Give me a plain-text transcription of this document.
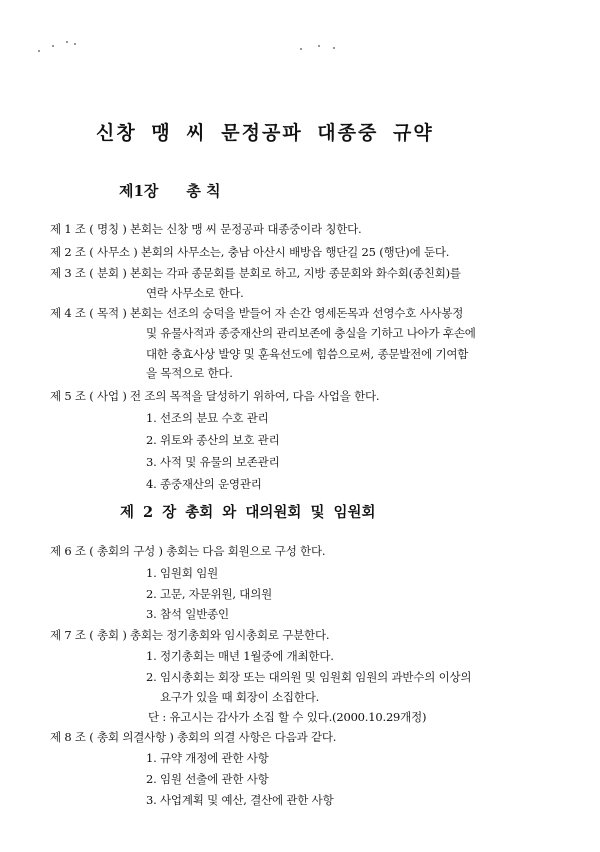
신창 맹 씨 문정공파 대종중 규약
제1장 총 칙
제 1 조 ( 명칭 ) 본회는 신창 맹 씨 문정공파 대종중이라 칭한다.
제 2 조 ( 사무소 ) 본회의 사무소는, 충남 아산시 배방읍 행단길 25 (행단)에 둔다.
제 3 조 ( 분회 ) 본회는 각파 종문회를 분회로 하고, 지방 종문회와 화수회(종친회)를
연락 사무소로 한다.
제 4 조 ( 목적 ) 본회는 선조의 숭덕을 받들어 자 손간 영세돈목과 선영수호 사사봉정
및 유물사적과 종중재산의 관리보존에 충실을 기하고 나아가 후손에
대한 충효사상 발양 및 훈육선도에 힘씀으로써, 종문발전에 기여함
을 목적으로 한다.
제 5 조 ( 사업 ) 전 조의 목적을 달성하기 위하여, 다음 사업을 한다.
1. 선조의 분묘 수호 관리
2. 위토와 종산의 보호 관리
3. 사적 및 유물의 보존관리
4. 종중재산의 운영관리
제 2 장 총회 와 대의원회 및 임원회
제 6 조 ( 총회의 구성 ) 총회는 다음 회원으로 구성 한다.
1. 임원회 임원
2. 고문, 자문위원, 대의원
3. 참석 일반종인
제 7 조 ( 총회 ) 총회는 정기총회와 임시총회로 구분한다.
1. 정기총회는 매년 1월중에 개최한다.
2. 임시총회는 회장 또는 대의원 및 임원회 임원의 과반수의 이상의
요구가 있을 때 회장이 소집한다.
단 : 유고시는 감사가 소집 할 수 있다.(2000.10.29개정)
제 8 조 ( 총회 의결사항 ) 총회의 의결 사항은 다음과 같다.
1. 규약 개정에 관한 사항
2. 임원 선출에 관한 사항
3. 사업계획 및 예산, 결산에 관한 사항
